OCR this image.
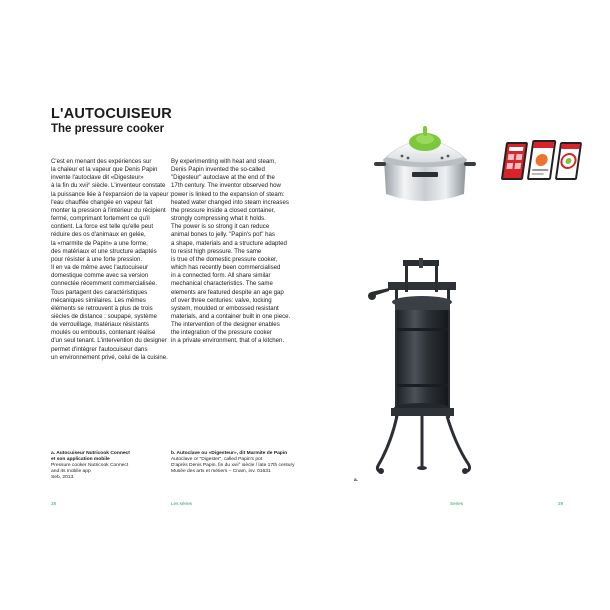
L'AUTOCUISEUR
The pressure cooker

C'est en menant des expériences sur

la chaleur et la vapeur que Denis Papin

invente l'autoclave dit «Digesteur»

à la fin du xvii° siècle. L'inventeur constate

la puissance liée à l'expansion de la vapeur :

l'eau chauffée changée en vapeur fait

monter la pression à l'intérieur du récipient

fermé, comprimant fortement ce qu'il

contient. La force est telle qu'elle peut

réduire des os d'animaux en gelée,

la «marmite de Papin» a une forme,

des matériaux et une structure adaptés

pour résister à une forte pression.

Il en va de même avec l'autocuiseur

domestique comme avec sa version

connectée récemment commercialisée.

Tous partagent des caractéristiques

mécaniques similaires. Les mêmes

éléments se retrouvent à plus de trois

siècles de distance : soupape, système

de verrouillage, matériaux résistants

moulés ou emboutis, contenant réalisé

d'un seul tenant. L'intervention du designer

permet d'intégrer l'autocuiseur dans

un environnement privé, celui de la cuisine.

By experimenting with heat and steam,

Denis Papin invented the so-called

"Digesteur" autoclave at the end of the

17th century. The inventor observed how

power is linked to the expansion of steam:

heated water changed into steam increases

the pressure inside a closed container,

strongly compressing what it holds.

The power is so strong it can reduce

animal bones to jelly. "Papin's pot" has

a shape, materials and a structure adapted

to resist high pressure. The same

is true of the domestic pressure cooker,

which has recently been commercialised

in a connected form. All share similar

mechanical characteristics. The same

elements are featured despite an age gap

of over three centuries: valve, locking

system, moulded or embossed resistant

materials, and a container built in one piece.

The intervention of the designer enables

the integration of the pressure cooker

in a private environment, that of a kitchen.

a. Autocuiseur Nutricook Connect

et son application mobile

Pressure cooker Nutricook Connect

and its mobile app

Seb, 2013.

b. Autoclave ou «Digesteur», dit Marmite de Papin

Autoclave or "Digester", called Papin's pot

D'après Denis Papin, fin du xvii° siècle / late 17th century

Musée des arts et métiers – Cnam, inv. 01631

28	Les séries	Series	29
a.
